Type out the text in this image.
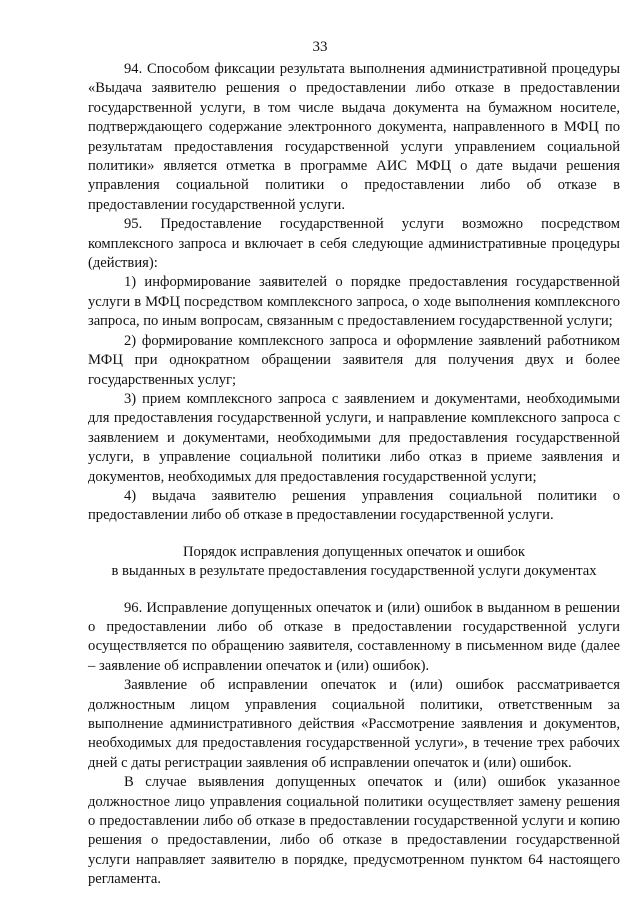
33

94. Способом фиксации результата выполнения административной процедуры «Выдача заявителю решения о предоставлении либо отказе в предоставлении государственной услуги, в том числе выдача документа на бумажном носителе, подтверждающего содержание электронного документа, направленного в МФЦ по результатам предоставления государственной услуги управлением социальной политики» является отметка в программе АИС МФЦ о дате выдачи решения управления социальной политики о предоставлении либо об отказе в предоставлении государственной услуги.

95. Предоставление государственной услуги возможно посредством комплексного запроса и включает в себя следующие административные процедуры (действия):

1) информирование заявителей о порядке предоставления государственной услуги в МФЦ посредством комплексного запроса, о ходе выполнения комплексного запроса, по иным вопросам, связанным с предоставлением государственной услуги;

2) формирование комплексного запроса и оформление заявлений работником МФЦ при однократном обращении заявителя для получения двух и более государственных услуг;

3) прием комплексного запроса с заявлением и документами, необходимыми для предоставления государственной услуги, и направление комплексного запроса с заявлением и документами, необходимыми для предоставления государственной услуги, в управление социальной политики либо отказ в приеме заявления и документов, необходимых для предоставления государственной услуги;

4) выдача заявителю решения управления социальной политики о предоставлении либо об отказе в предоставлении государственной услуги.

Порядок исправления допущенных опечаток и ошибок
в выданных в результате предоставления государственной услуги документах

96. Исправление допущенных опечаток и (или) ошибок в выданном в решении о предоставлении либо об отказе в предоставлении государственной услуги осуществляется по обращению заявителя, составленному в письменном виде (далее – заявление об исправлении опечаток и (или) ошибок).

Заявление об исправлении опечаток и (или) ошибок рассматривается должностным лицом управления социальной политики, ответственным за выполнение административного действия «Рассмотрение заявления и документов, необходимых для предоставления государственной услуги», в течение трех рабочих дней с даты регистрации заявления об исправлении опечаток и (или) ошибок.

В случае выявления допущенных опечаток и (или) ошибок указанное должностное лицо управления социальной политики осуществляет замену решения о предоставлении либо об отказе в предоставлении государственной услуги и копию решения о предоставлении, либо об отказе в предоставлении государственной услуги направляет заявителю в порядке, предусмотренном пунктом 64 настоящего регламента.
